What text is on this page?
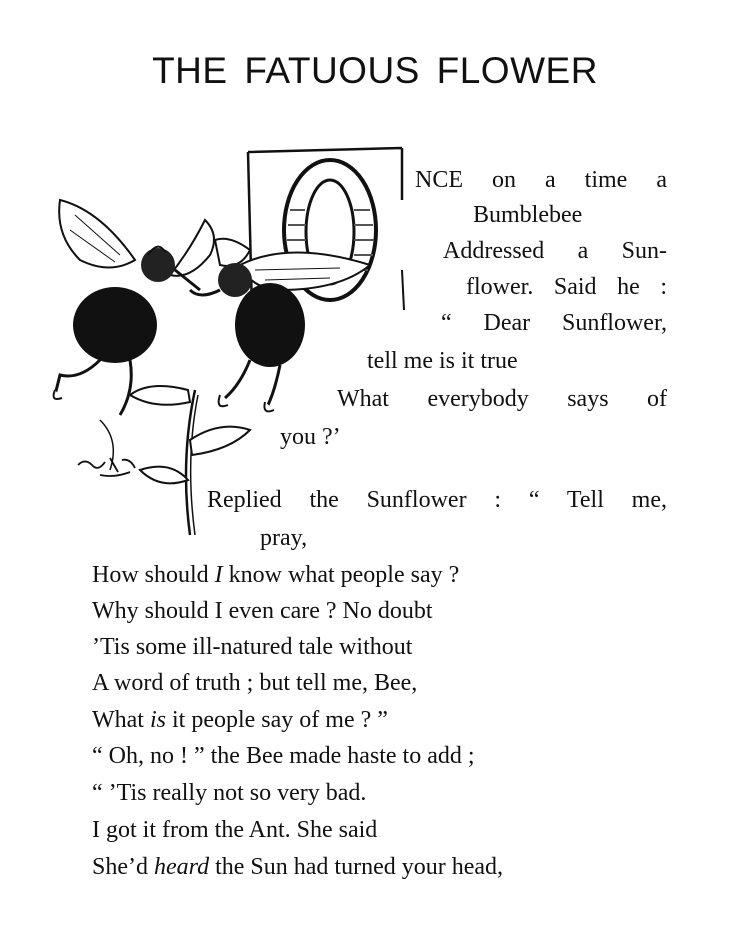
THE FATUOUS FLOWER
NCE on a time a
Bumblebee
Addressed a Sun-
flower. Said he :
“ Dear Sunflower,
tell me is it true
What everybody says of
you ?’
Replied the Sunflower : “ Tell me,
pray,
How should I know what people say ?
Why should I even care ? No doubt
’Tis some ill-natured tale without
A word of truth ; but tell me, Bee,
What is it people say of me ? ”
“ Oh, no ! ” the Bee made haste to add ;
“ ’Tis really not so very bad.
I got it from the Ant. She said
She’d heard the Sun had turned your head,
